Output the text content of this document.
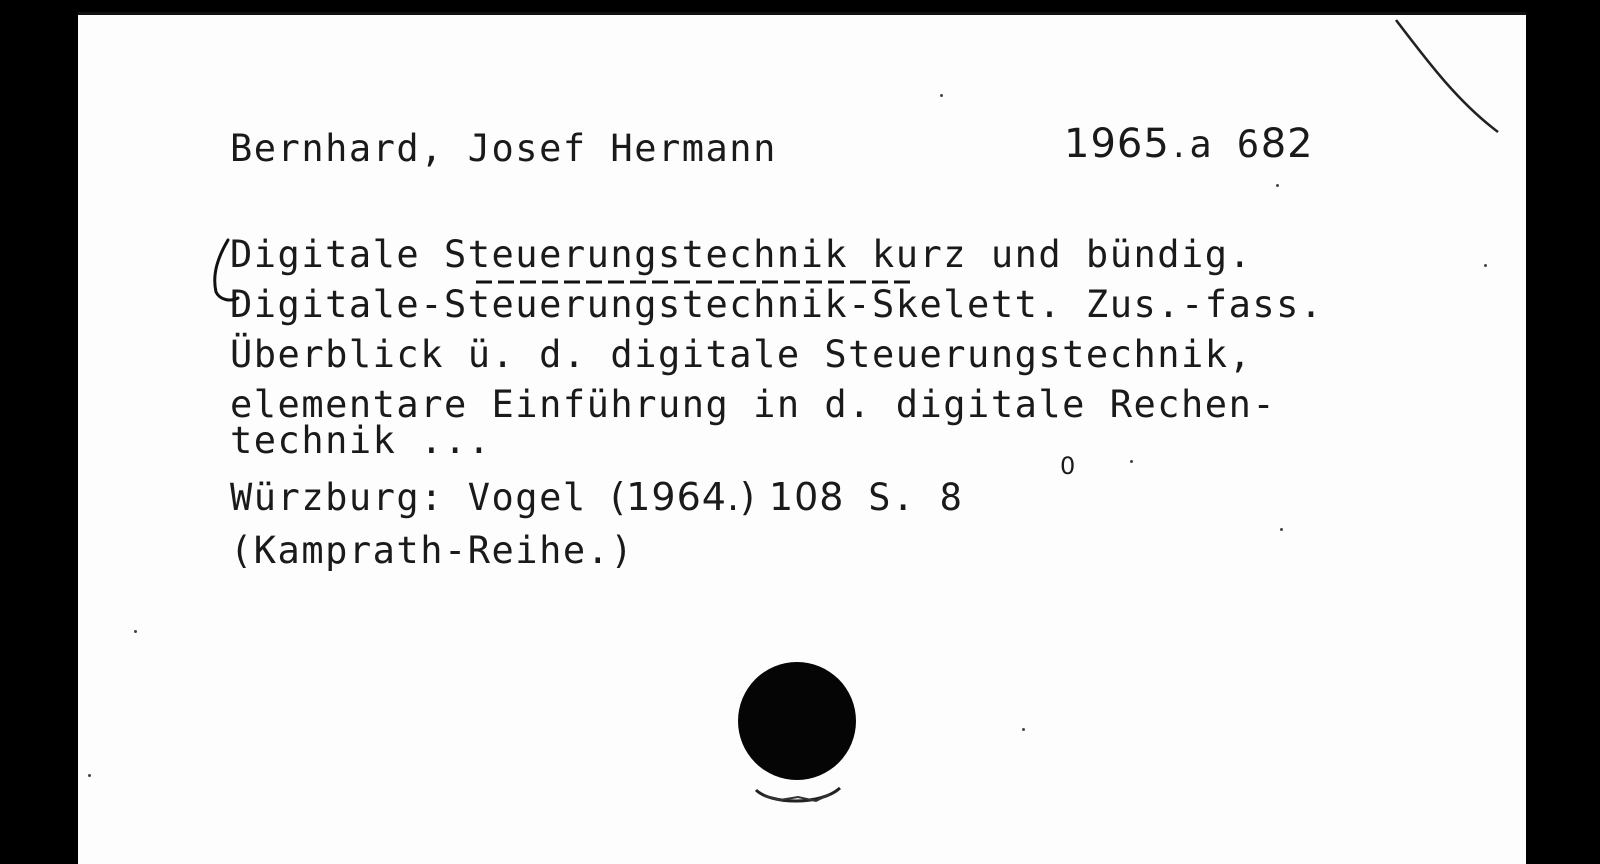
Bernhard, Josef Hermann	1965.a 682
Digitale Steuerungstechnik kurz und bündig.
Digitale-Steuerungstechnik-Skelett. Zus.-fass.
Überblick ü. d. digitale Steuerungstechnik,
elementare Einführung in d. digitale Rechen-
technik ...
Würzburg: Vogel (1964.) 108 S. 8
0
(Kamprath-Reihe.)
